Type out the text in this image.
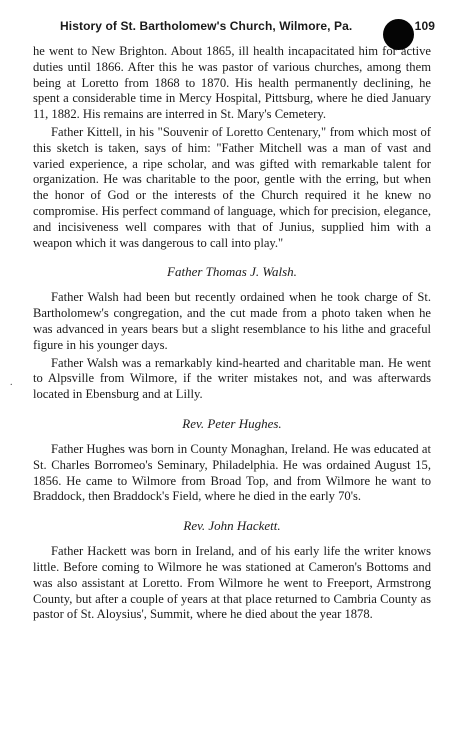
History of St. Bartholomew's Church, Wilmore, Pa.	109
.

he went to New Brighton. About 1865, ill health incapacitated him for active duties until 1866. After this he was pastor of various churches, among them being at Loretto from 1868 to 1870. His health permanently declining, he spent a considerable time in Mercy Hospital, Pittsburg, where he died January 11, 1882. His remains are interred in St. Mary's Cemetery.

Father Kittell, in his "Souvenir of Loretto Centenary," from which most of this sketch is taken, says of him: "Father Mitchell was a man of vast and varied experience, a ripe scholar, and was gifted with remarkable talent for organization. He was charitable to the poor, gentle with the erring, but when the honor of God or the interests of the Church required it he knew no compromise. His perfect command of language, which for precision, elegance, and incisiveness well compares with that of Junius, supplied him with a weapon which it was dangerous to call into play."

Father Thomas J. Walsh.

Father Walsh had been but recently ordained when he took charge of St. Bartholomew's congregation, and the cut made from a photo taken when he was advanced in years bears but a slight resemblance to his lithe and graceful figure in his younger days.

Father Walsh was a remarkably kind-hearted and charitable man. He went to Alpsville from Wilmore, if the writer mistakes not, and was afterwards located in Ebensburg and at Lilly.

Rev. Peter Hughes.

Father Hughes was born in County Monaghan, Ireland. He was educated at St. Charles Borromeo's Seminary, Philadelphia. He was ordained August 15, 1856. He came to Wilmore from Broad Top, and from Wilmore he want to Braddock, then Braddock's Field, where he died in the early 70's.

Rev. John Hackett.

Father Hackett was born in Ireland, and of his early life the writer knows little. Before coming to Wilmore he was stationed at Cameron's Bottoms and was also assistant at Loretto. From Wilmore he went to Freeport, Armstrong County, but after a couple of years at that place returned to Cambria County as pastor of St. Aloysius', Summit, where he died about the year 1878.
